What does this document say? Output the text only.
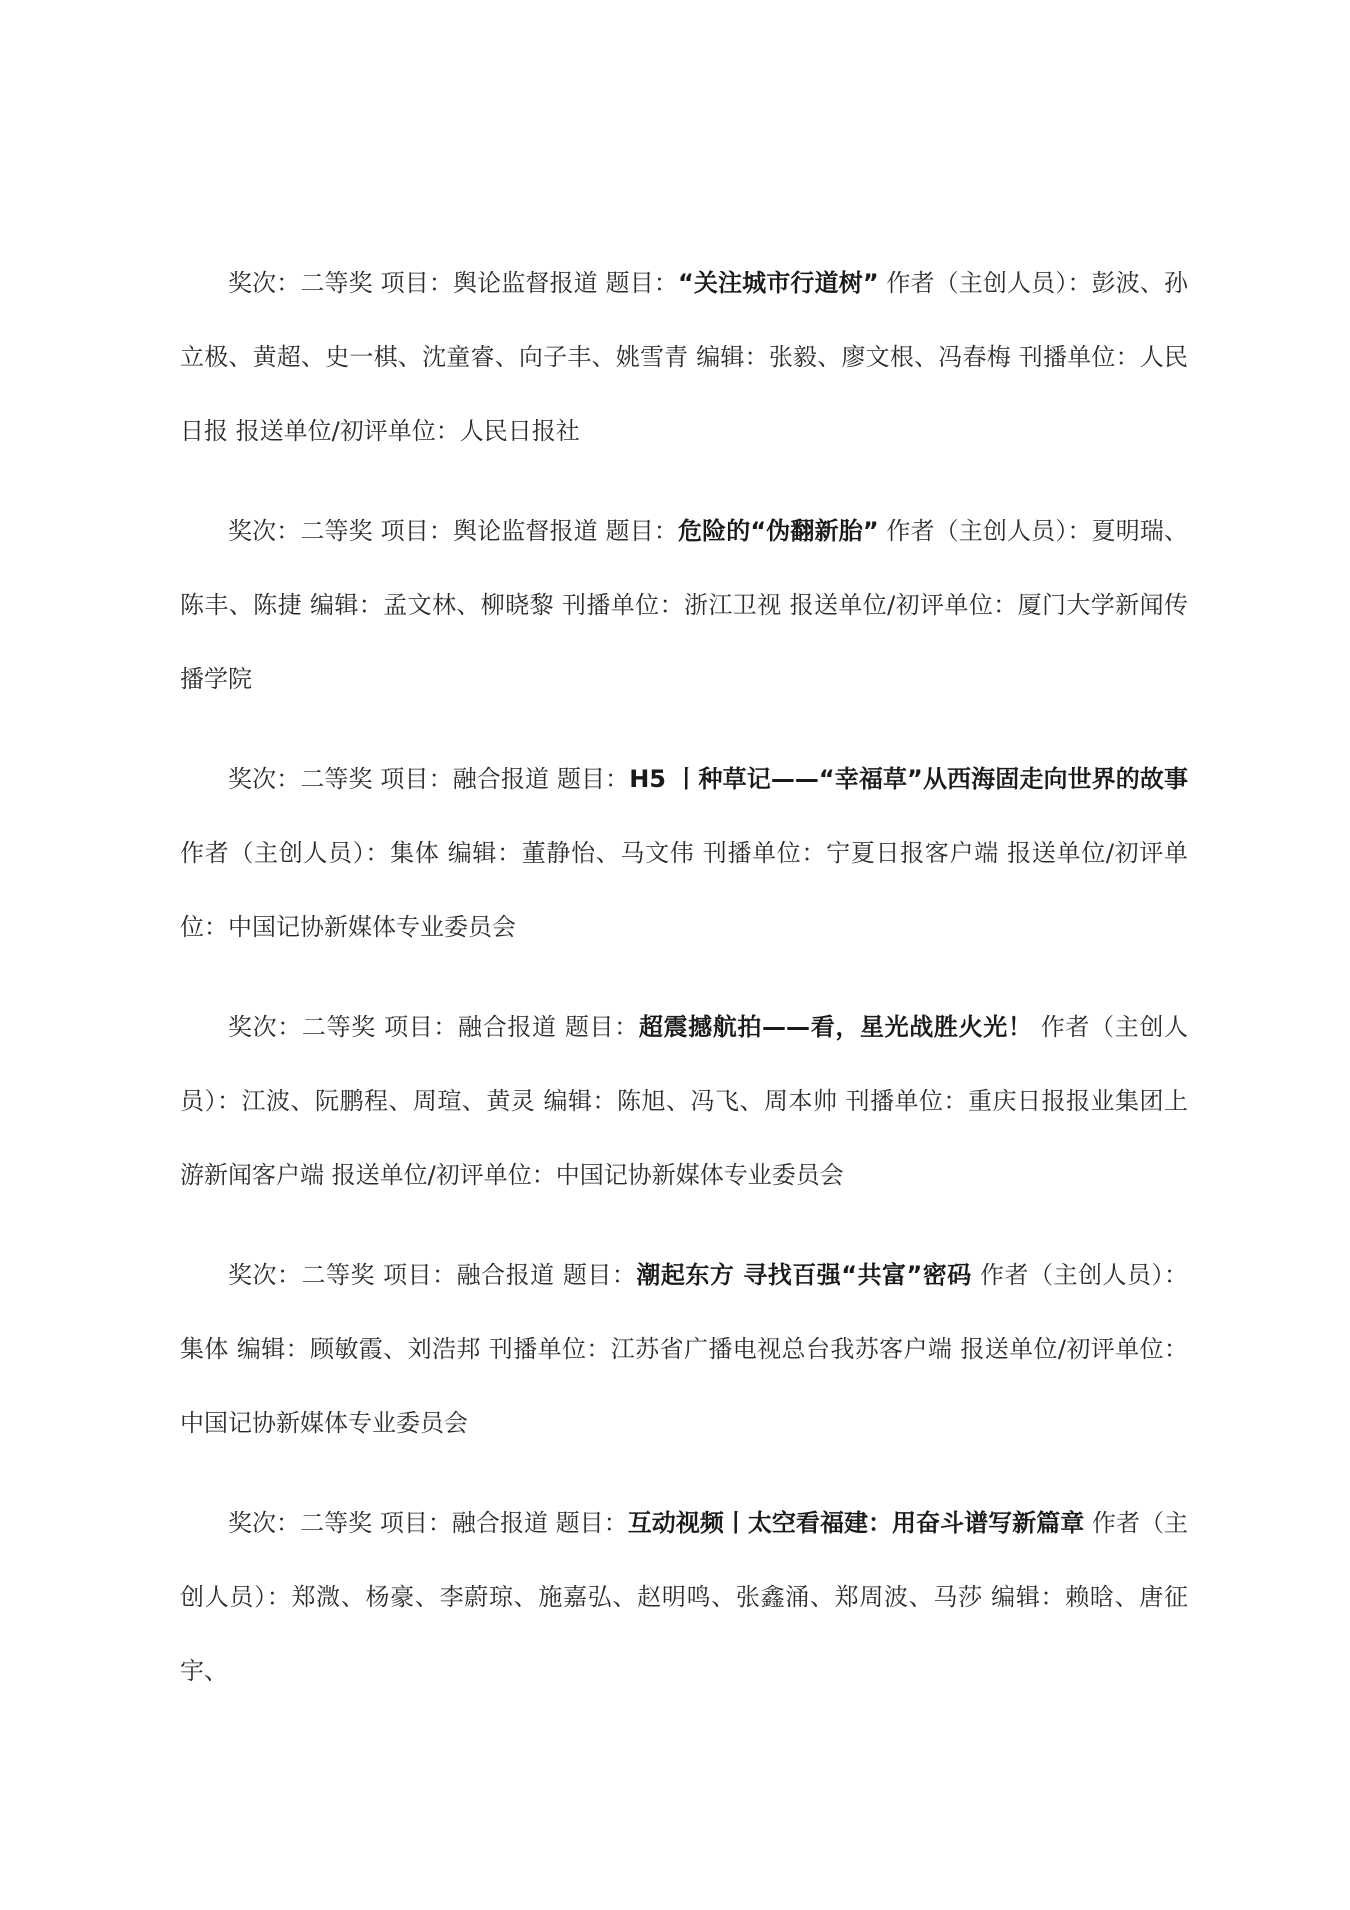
奖次：二等奖 项目：舆论监督报道 题目：“关注城市行道树” 作者（主创人员）：彭波、孙立极、黄超、史一棋、沈童睿、向子丰、姚雪青 编辑：张毅、廖文根、冯春梅 刊播单位：人民日报 报送单位/初评单位：人民日报社

奖次：二等奖 项目：舆论监督报道 题目：危险的“伪翻新胎” 作者（主创人员）：夏明瑞、陈丰、陈捷 编辑：孟文林、柳晓黎 刊播单位：浙江卫视 报送单位/初评单位：厦门大学新闻传播学院

奖次：二等奖 项目：融合报道 题目：H5 丨种草记——“幸福草”从西海固走向世界的故事 作者（主创人员）：集体 编辑：董静怡、马文伟 刊播单位：宁夏日报客户端 报送单位/初评单位：中国记协新媒体专业委员会

奖次：二等奖 项目：融合报道 题目：超震撼航拍——看，星光战胜火光！ 作者（主创人员）：江波、阮鹏程、周瑄、黄灵 编辑：陈旭、冯飞、周本帅 刊播单位：重庆日报报业集团上游新闻客户端 报送单位/初评单位：中国记协新媒体专业委员会

奖次：二等奖 项目：融合报道 题目：潮起东方 寻找百强“共富”密码 作者（主创人员）：集体 编辑：顾敏霞、刘浩邦 刊播单位：江苏省广播电视总台我苏客户端 报送单位/初评单位：中国记协新媒体专业委员会

奖次：二等奖 项目：融合报道 题目：互动视频丨太空看福建：用奋斗谱写新篇章 作者（主创人员）：郑溦、杨豪、李蔚琼、施嘉弘、赵明鸣、张鑫涌、郑周波、马莎 编辑：赖晗、唐征宇、
